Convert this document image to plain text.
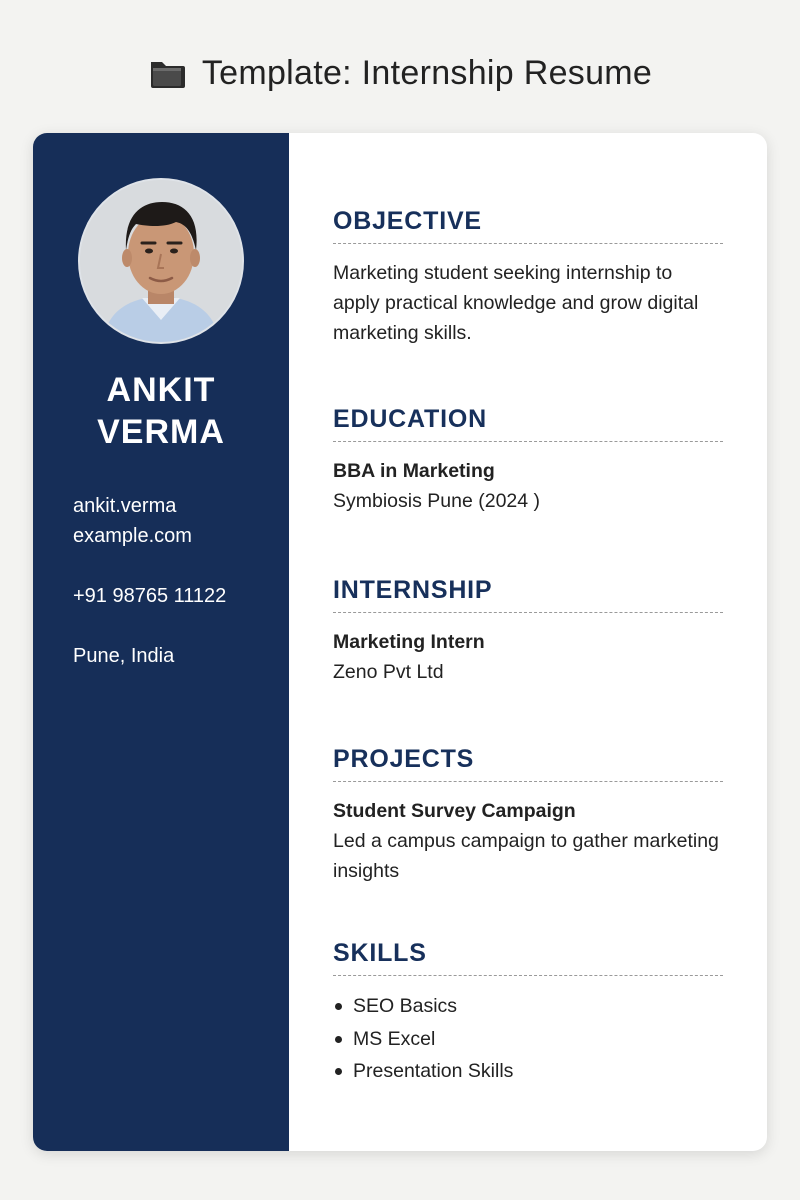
Template: Internship Resume
ANKIT
VERMA
ankit.verma
example.com
+91 98765 11122
Pune, India
OBJECTIVE
Marketing student seeking internship to apply practical knowledge and grow digital marketing skills.
EDUCATION
BBA in Marketing
Symbiosis Pune (2024 )
INTERNSHIP
Marketing Intern
Zeno Pvt Ltd
PROJECTS
Student Survey Campaign
Led a campus campaign to gather marketing insights
SKILLS
SEO Basics
MS Excel
Presentation Skills
